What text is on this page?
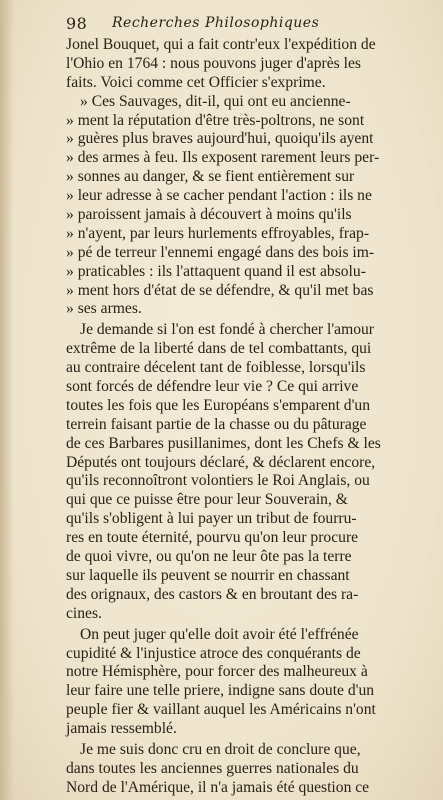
98 Recherches Philosophiques
Jonel Bouquet, qui a fait contr'eux l'expédition de
l'Ohio en 1764 : nous pouvons juger d'après les
faits. Voici comme cet Officier s'exprime.
» Ces Sauvages, dit-il, qui ont eu ancienne-
» ment la réputation d'être très-poltrons, ne sont
» guères plus braves aujourd'hui, quoiqu'ils ayent
» des armes à feu. Ils exposent rarement leurs per-
» sonnes au danger, & se fient entièrement sur
» leur adresse à se cacher pendant l'action : ils ne
» paroissent jamais à découvert à moins qu'ils
» n'ayent, par leurs hurlements effroyables, frap-
» pé de terreur l'ennemi engagé dans des bois im-
» praticables : ils l'attaquent quand il est absolu-
» ment hors d'état de se défendre, & qu'il met bas
» ses armes.
Je demande si l'on est fondé à chercher l'amour
extrême de la liberté dans de tel combattants, qui
au contraire décelent tant de foiblesse, lorsqu'ils
sont forcés de défendre leur vie ? Ce qui arrive
toutes les fois que les Européans s'emparent d'un
terrein faisant partie de la chasse ou du pâturage
de ces Barbares pusillanimes, dont les Chefs & les
Députés ont toujours déclaré, & déclarent encore,
qu'ils reconnoîtront volontiers le Roi Anglais, ou
qui que ce puisse être pour leur Souverain, &
qu'ils s'obligent à lui payer un tribut de fourru-
res en toute éternité, pourvu qu'on leur procure
de quoi vivre, ou qu'on ne leur ôte pas la terre
sur laquelle ils peuvent se nourrir en chassant
des orignaux, des castors & en broutant des ra-
cines.
On peut juger qu'elle doit avoir été l'effrénée
cupidité & l'injustice atroce des conquérants de
notre Hémisphère, pour forcer des malheureux à
leur faire une telle priere, indigne sans doute d'un
peuple fier & vaillant auquel les Américains n'ont
jamais ressemblé.
Je me suis donc cru en droit de conclure que,
dans toutes les anciennes guerres nationales du
Nord de l'Amérique, il n'a jamais été question ce
